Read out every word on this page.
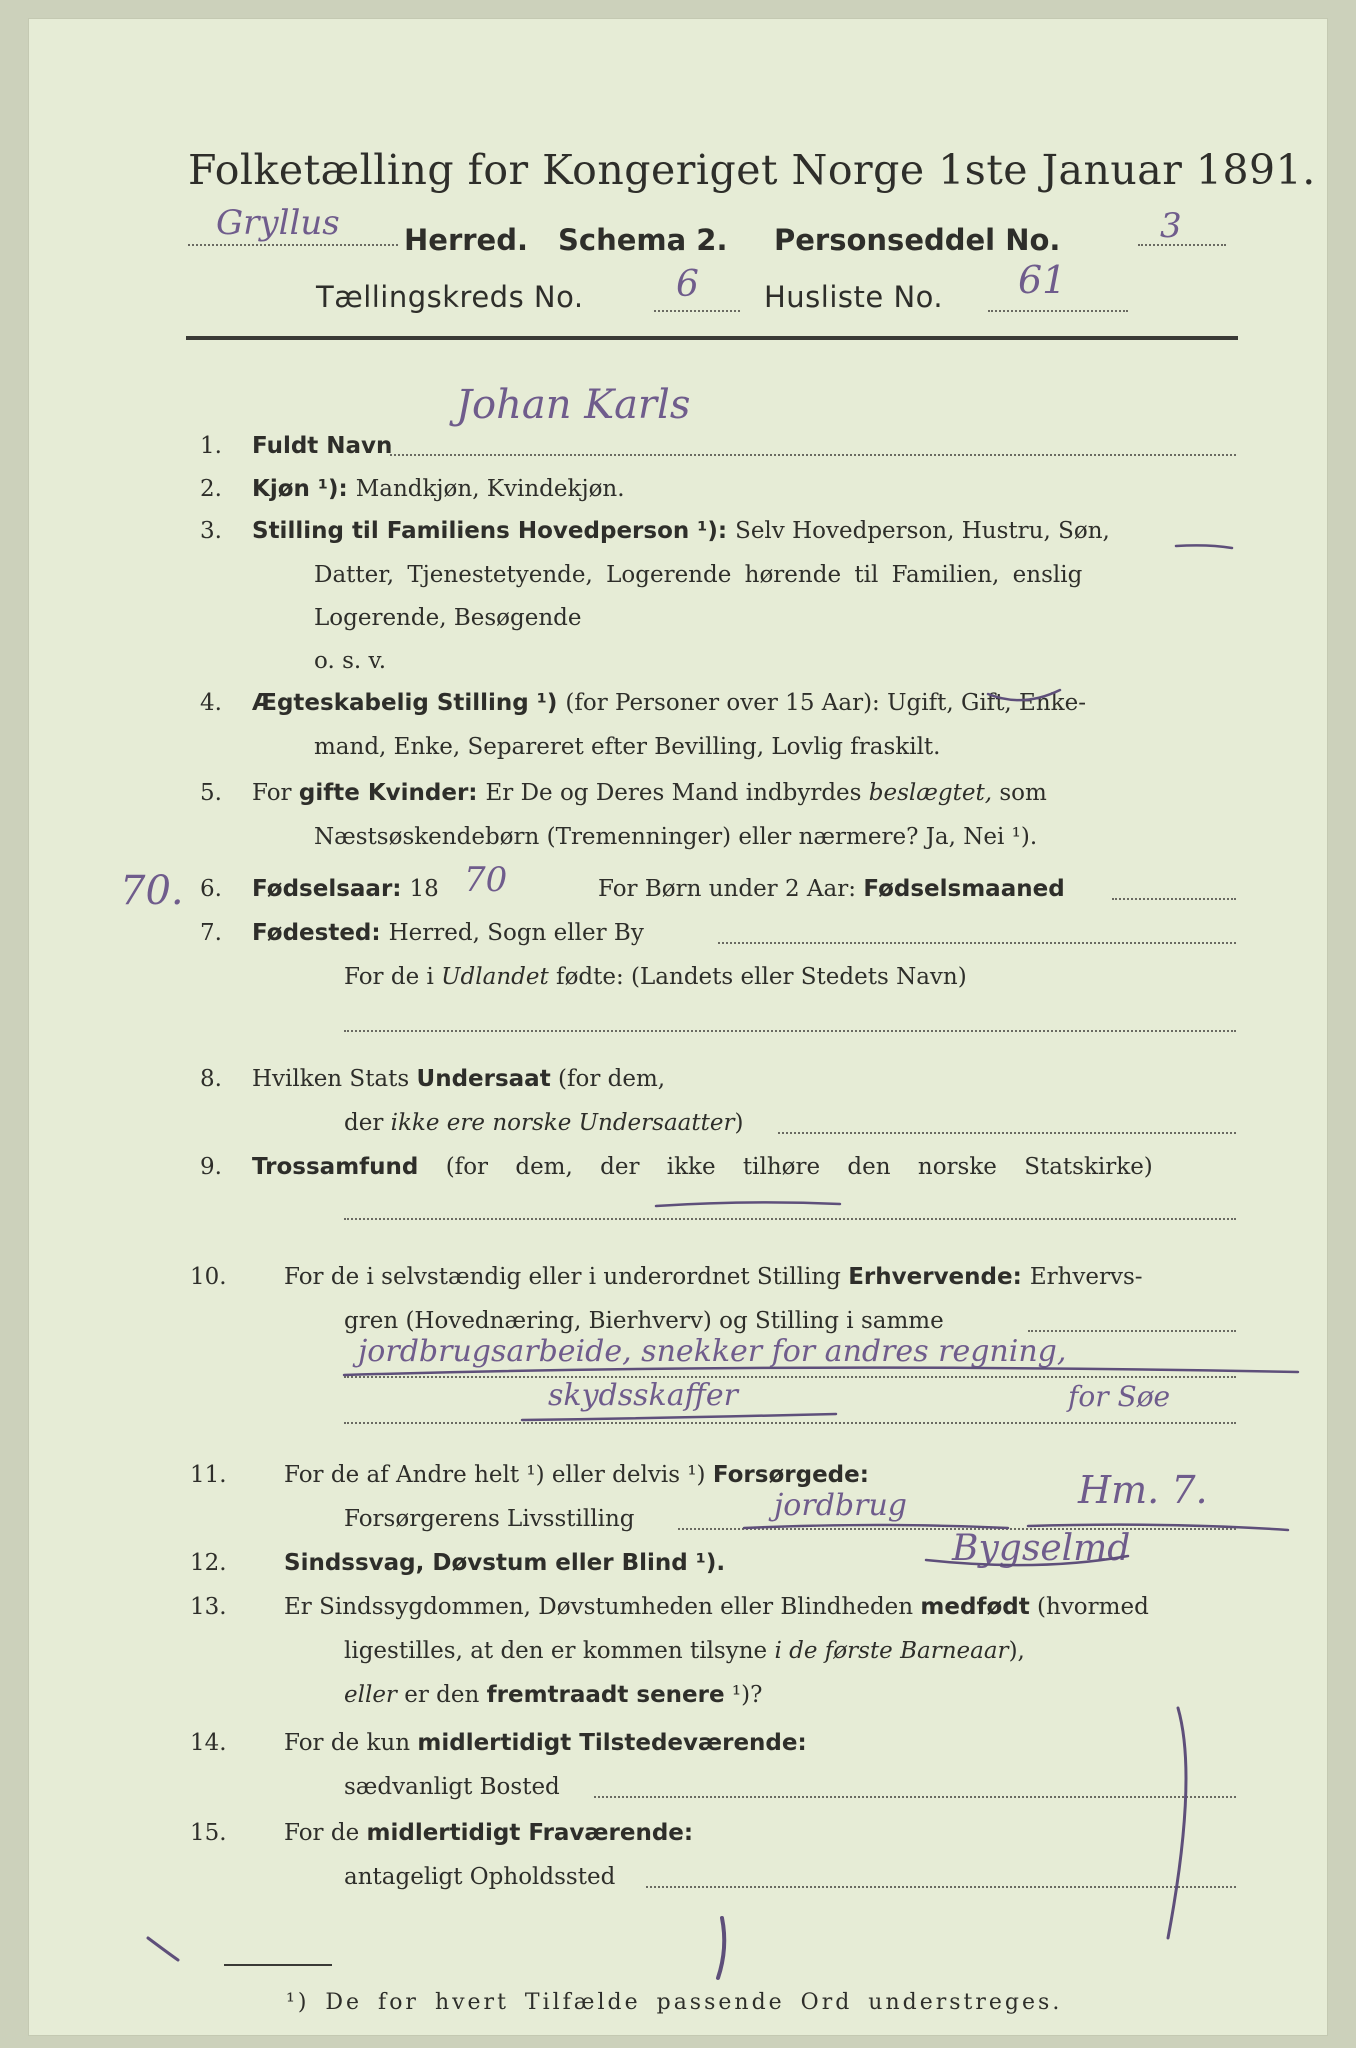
Folketælling for Kongeriget Norge 1ste Januar 1891.
Gryllus Herred. Schema 2. Personseddel No.	3
Tællingskreds No.	6 Husliste No. 61
1. Fuldt Navn
Johan Karls
2. Kjøn ¹): Mandkjøn, Kvindekjøn.
3. Stilling til Familiens Hovedperson ¹): Selv Hovedperson, Hustru, Søn,
Datter, Tjenestetyende, Logerende hørende til Familien, enslig
Logerende, Besøgende
o. s. v.
4. Ægteskabelig Stilling ¹) (for Personer over 15 Aar): Ugift, Gift, Enke-
mand, Enke, Separeret efter Bevilling, Lovlig fraskilt.
5. For gifte Kvinder: Er De og Deres Mand indbyrdes beslægtet, som
Næstsøskendebørn (Tremenninger) eller nærmere? Ja, Nei ¹).
70. 6. Fødselsaar: 18 70	For Børn under 2 Aar: Fødselsmaaned
7. Fødested: Herred, Sogn eller By
For de i Udlandet fødte: (Landets eller Stedets Navn)
8. Hvilken Stats Undersaat (for dem,
der ikke ere norske Undersaatter)
9. Trossamfund (for dem, der ikke tilhøre den norske Statskirke)
10. For de i selvstændig eller i underordnet Stilling Erhvervende: Erhvervs-
gren (Hovednæring, Bierhverv) og Stilling i samme
jordbrugsarbeide, snekker for andres regning,
skydsskaffer	for Søe
11. For de af Andre helt ¹) eller delvis ¹) Forsørgede:
Forsørgerens Livsstilling	jordbrug	Hm. 7.
12. Sindssvag, Døvstum eller Blind ¹).	Bygselmd
13. Er Sindssygdommen, Døvstumheden eller Blindheden medfødt (hvormed
ligestilles, at den er kommen tilsyne i de første Barneaar),
eller er den fremtraadt senere ¹)?
14. For de kun midlertidigt Tilstedeværende:
sædvanligt Bosted
15. For de midlertidigt Fraværende:
antageligt Opholdssted
¹) De for hvert Tilfælde passende Ord understreges.
